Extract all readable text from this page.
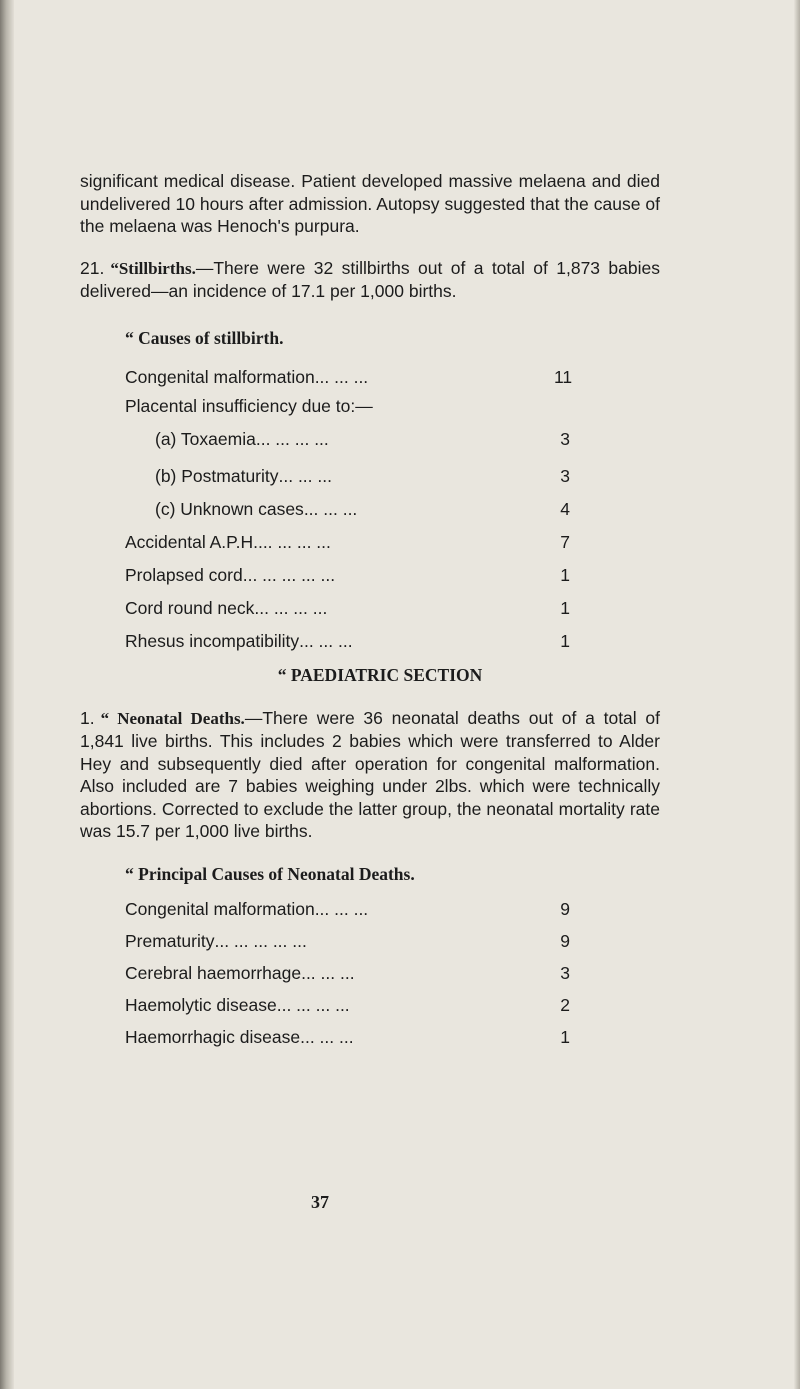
significant medical disease. Patient developed massive melaena and died undelivered 10 hours after admission. Autopsy suggested that the cause of the melaena was Henoch's purpura.

21. “Stillbirths.—There were 32 stillbirths out of a total of 1,873 babies delivered—an incidence of 17.1 per 1,000 births.

“ Causes of stillbirth.

Congenital malformation ... ... ...	11
Placental insufficiency due to:—
(a) Toxaemia ... ... ... ...	3
(b) Postmaturity ... ... ...	3
(c) Unknown cases ... ... ...	4
Accidental A.P.H. ... ... ... ...	7
Prolapsed cord ... ... ... ... ...	1
Cord round neck ... ... ... ...	1
Rhesus incompatibility ... ... ...	1

“ PAEDIATRIC SECTION

1. “ Neonatal Deaths.—There were 36 neonatal deaths out of a total of 1,841 live births. This includes 2 babies which were transferred to Alder Hey and subsequently died after operation for congenital malformation. Also included are 7 babies weighing under 2lbs. which were technically abortions. Corrected to exclude the latter group, the neonatal mortality rate was 15.7 per 1,000 live births.

“ Principal Causes of Neonatal Deaths.

Congenital malformation ... ... ...	9
Prematurity ... ... ... ... ...	9
Cerebral haemorrhage ... ... ...	3
Haemolytic disease ... ... ... ...	2
Haemorrhagic disease ... ... ...	1
37
